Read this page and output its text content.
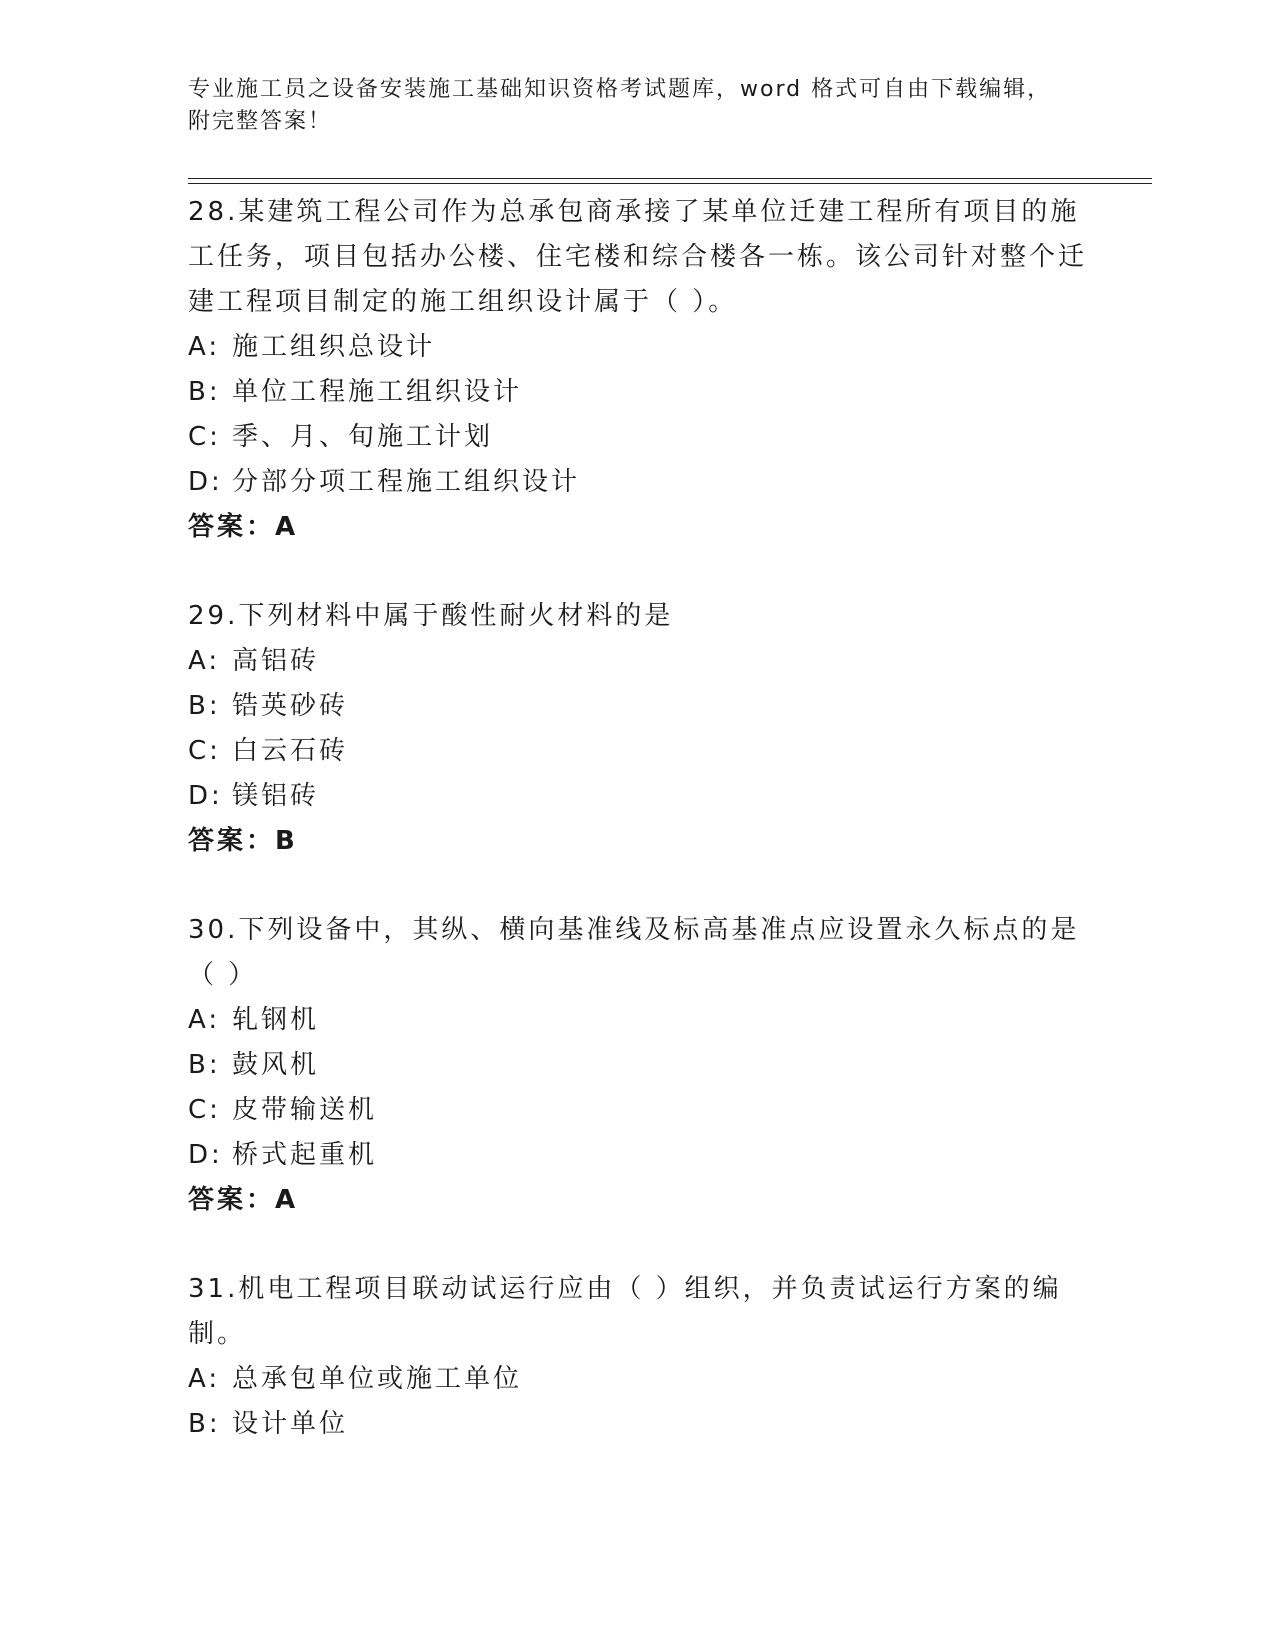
专业施工员之设备安装施工基础知识资格考试题库，word 格式可自由下载编辑，附完整答案！

28.某建筑工程公司作为总承包商承接了某单位迁建工程所有项目的施工任务，项目包括办公楼、住宅楼和综合楼各一栋。该公司针对整个迁建工程项目制定的施工组织设计属于（ ）。

A: 施工组织总设计

B: 单位工程施工组织设计

C: 季、月、旬施工计划

D: 分部分项工程施工组织设计

答案：A

29.下列材料中属于酸性耐火材料的是

A: 高铝砖

B: 锆英砂砖

C: 白云石砖

D: 镁铝砖

答案：B

30.下列设备中，其纵、横向基准线及标高基准点应设置永久标点的是（ ）

A: 轧钢机

B: 鼓风机

C: 皮带输送机

D: 桥式起重机

答案：A

31.机电工程项目联动试运行应由（ ）组织，并负责试运行方案的编制。

A: 总承包单位或施工单位

B: 设计单位
